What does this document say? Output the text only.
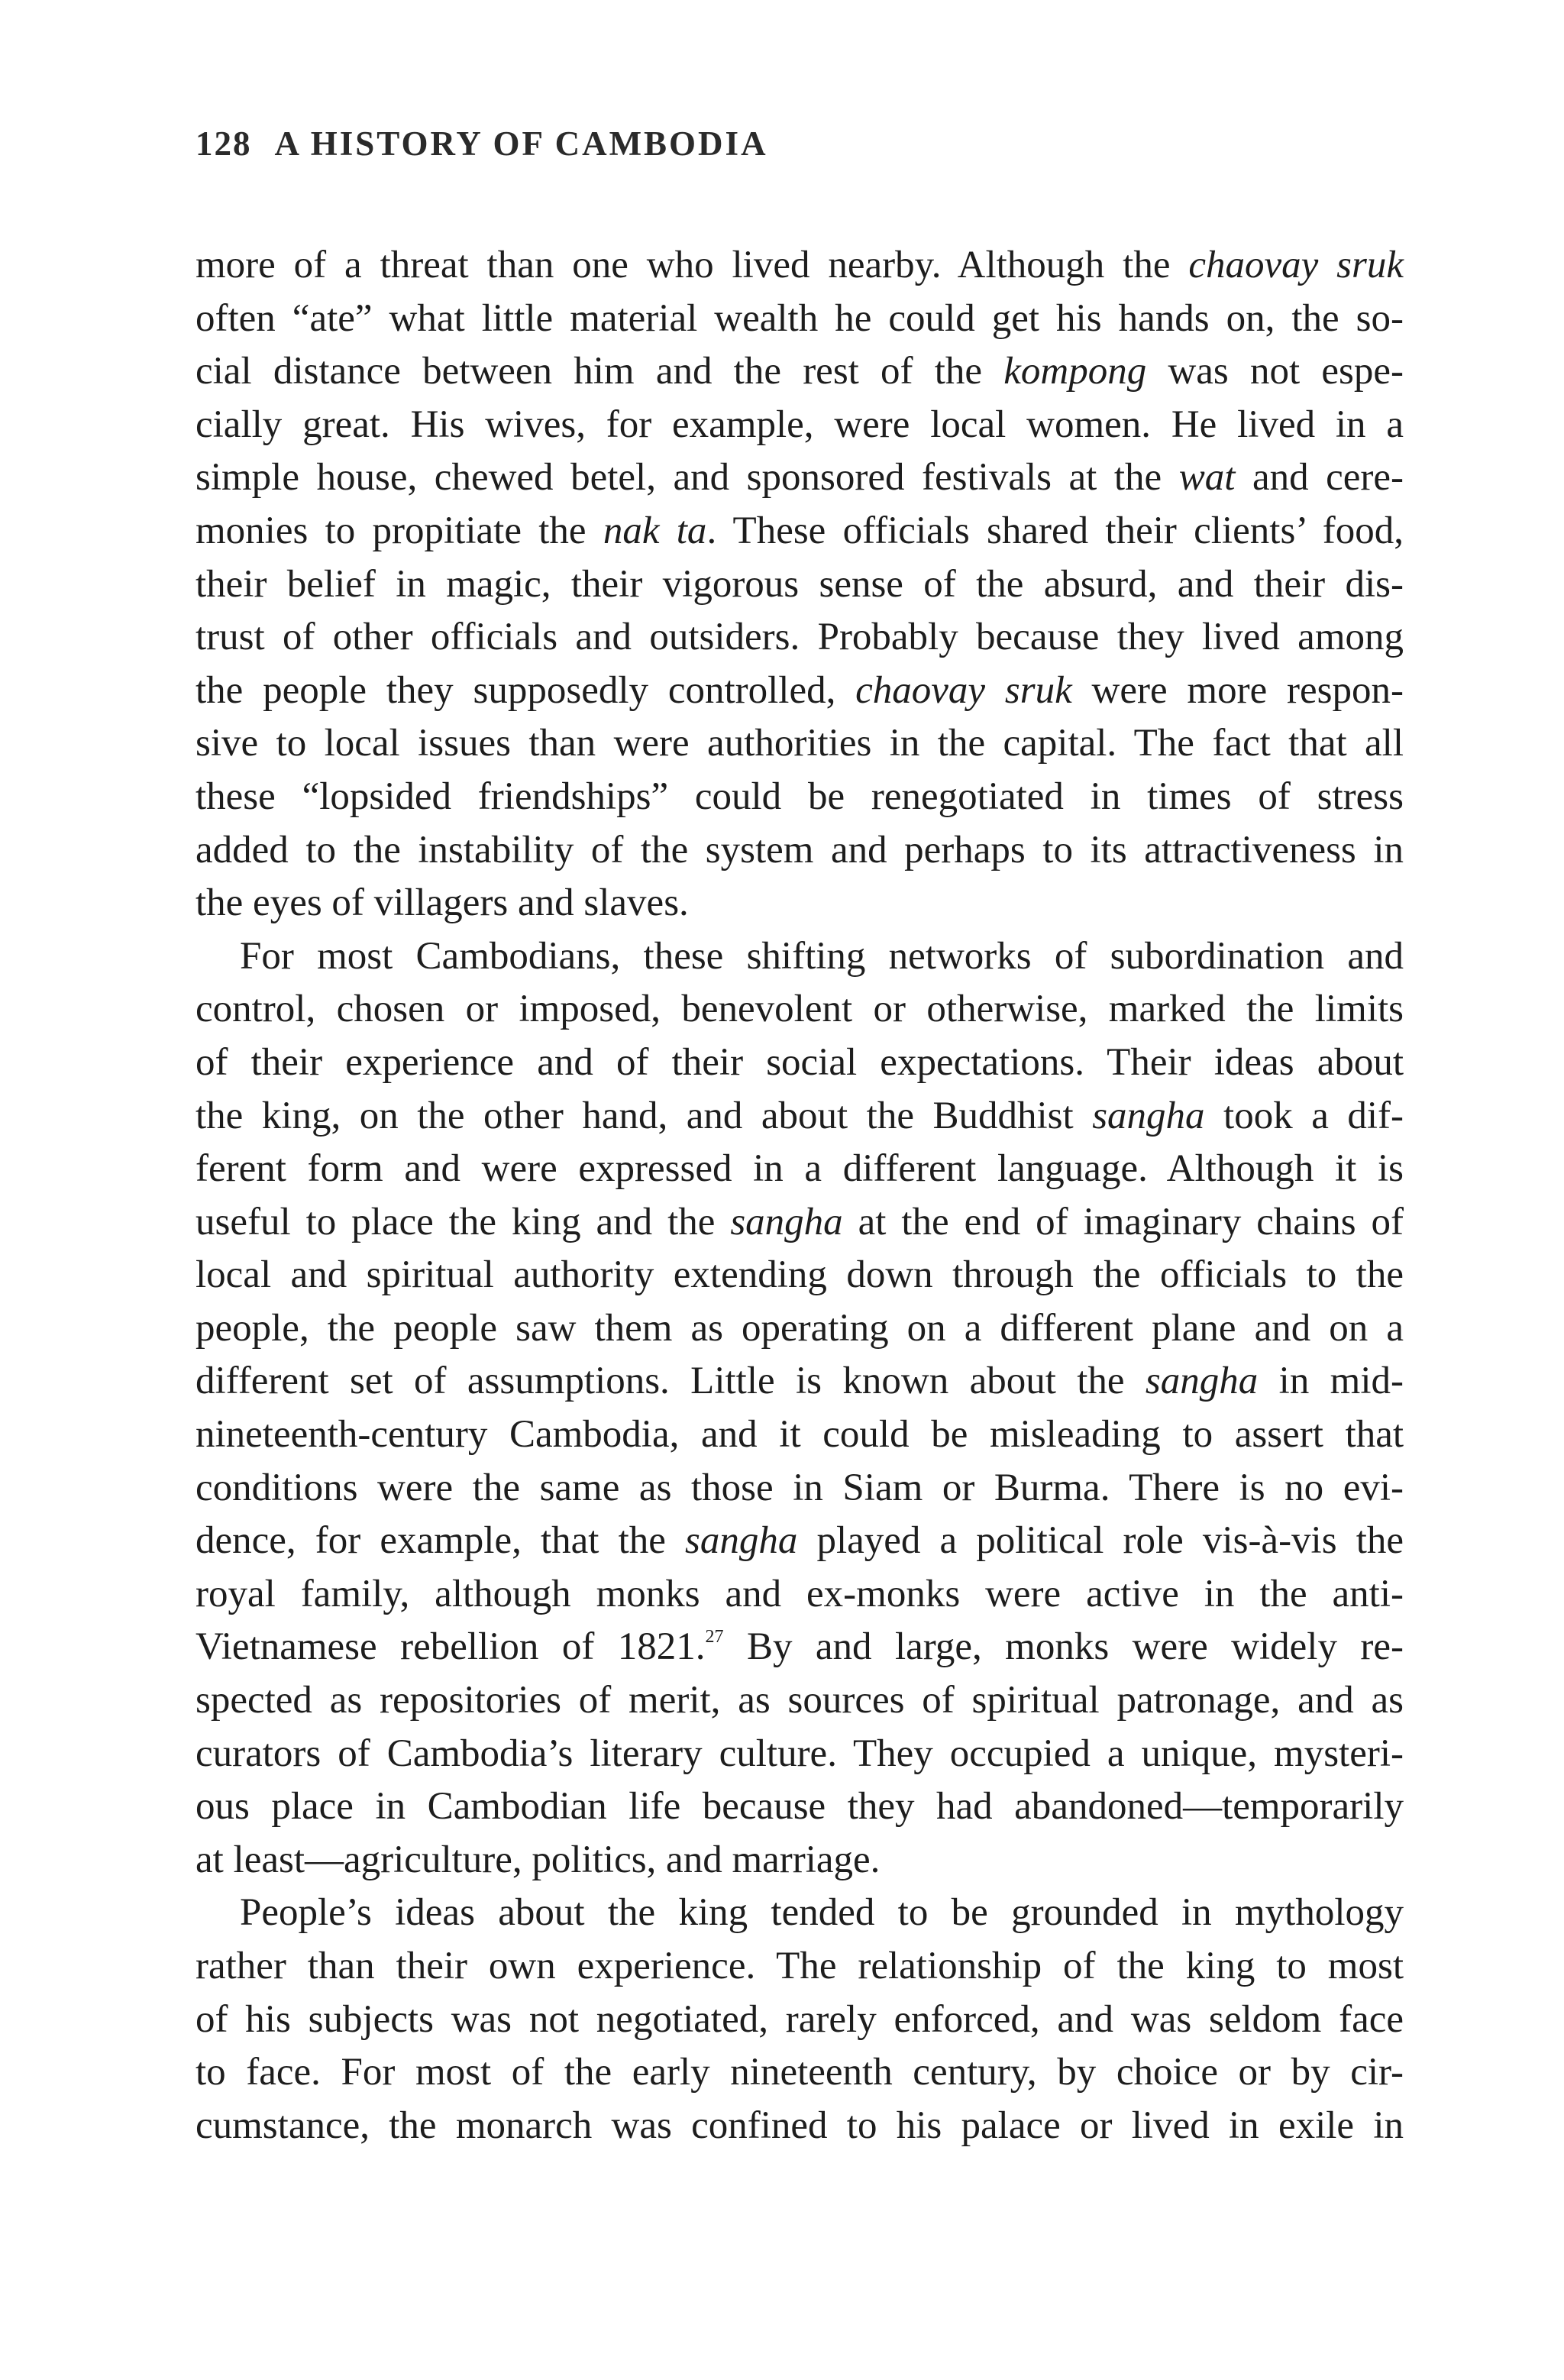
128 A HISTORY OF CAMBODIA

more of a threat than one who lived nearby. Although the chaovay sruk
often “ate” what little material wealth he could get his hands on, the so-
cial distance between him and the rest of the kompong was not espe-
cially great. His wives, for example, were local women. He lived in a
simple house, chewed betel, and sponsored festivals at the wat and cere-
monies to propitiate the nak ta. These officials shared their clients’ food,
their belief in magic, their vigorous sense of the absurd, and their dis-
trust of other officials and outsiders. Probably because they lived among
the people they supposedly controlled, chaovay sruk were more respon-
sive to local issues than were authorities in the capital. The fact that all
these “lopsided friendships” could be renegotiated in times of stress
added to the instability of the system and perhaps to its attractiveness in
the eyes of villagers and slaves.

For most Cambodians, these shifting networks of subordination and
control, chosen or imposed, benevolent or otherwise, marked the limits
of their experience and of their social expectations. Their ideas about
the king, on the other hand, and about the Buddhist sangha took a dif-
ferent form and were expressed in a different language. Although it is
useful to place the king and the sangha at the end of imaginary chains of
local and spiritual authority extending down through the officials to the
people, the people saw them as operating on a different plane and on a
different set of assumptions. Little is known about the sangha in mid-
nineteenth-century Cambodia, and it could be misleading to assert that
conditions were the same as those in Siam or Burma. There is no evi-
dence, for example, that the sangha played a political role vis-à-vis the
royal family, although monks and ex-monks were active in the anti-
Vietnamese rebellion of 1821.27 By and large, monks were widely re-
spected as repositories of merit, as sources of spiritual patronage, and as
curators of Cambodia’s literary culture. They occupied a unique, mysteri-
ous place in Cambodian life because they had abandoned—temporarily
at least—agriculture, politics, and marriage.

People’s ideas about the king tended to be grounded in mythology
rather than their own experience. The relationship of the king to most
of his subjects was not negotiated, rarely enforced, and was seldom face
to face. For most of the early nineteenth century, by choice or by cir-
cumstance, the monarch was confined to his palace or lived in exile in
